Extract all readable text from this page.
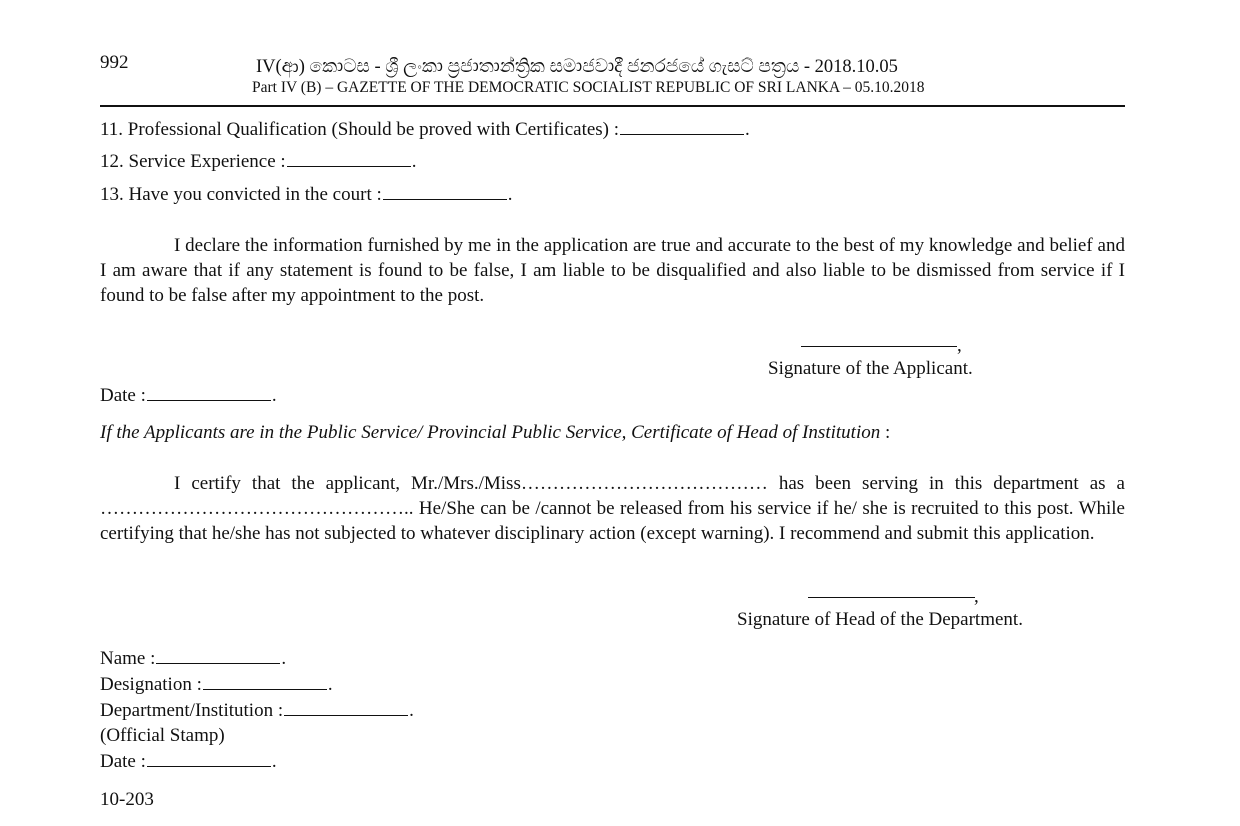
992	IV(ආ) කොටස - ශ්‍රී ලංකා ප්‍රජාතාන්ත්‍රික සමාජවාදී ජනරජයේ ගැසට් පත්‍රය - 2018.10.05
Part IV (B) – GAZETTE OF THE DEMOCRATIC SOCIALIST REPUBLIC OF SRI LANKA – 05.10.2018
11. Professional Qualification (Should be proved with Certificates) :	.
12. Service Experience :	.
13. Have you convicted in the court :	.
I declare the information furnished by me in the application are true and accurate to the best of my knowledge and belief and I am aware that if any statement is found to be false, I am liable to be disqualified and also liable to be dismissed from service if I found to be false after my appointment to the post.
,
Signature of the Applicant.
Date :	.
If the Applicants are in the Public Service/ Provincial Public Service, Certificate of Head of Institution :
I certify that the applicant, Mr./Mrs./Miss………………………………… has been serving in this department as a ………………………………………….. He/She can be /cannot be released from his service if he/ she is recruited to this post. While certifying that he/she has not subjected to whatever disciplinary action (except warning). I recommend and submit this application.
,
Signature of Head of the Department.
Name :	.
Designation :	.
Department/Institution :	.
(Official Stamp)
Date :	.
10-203
